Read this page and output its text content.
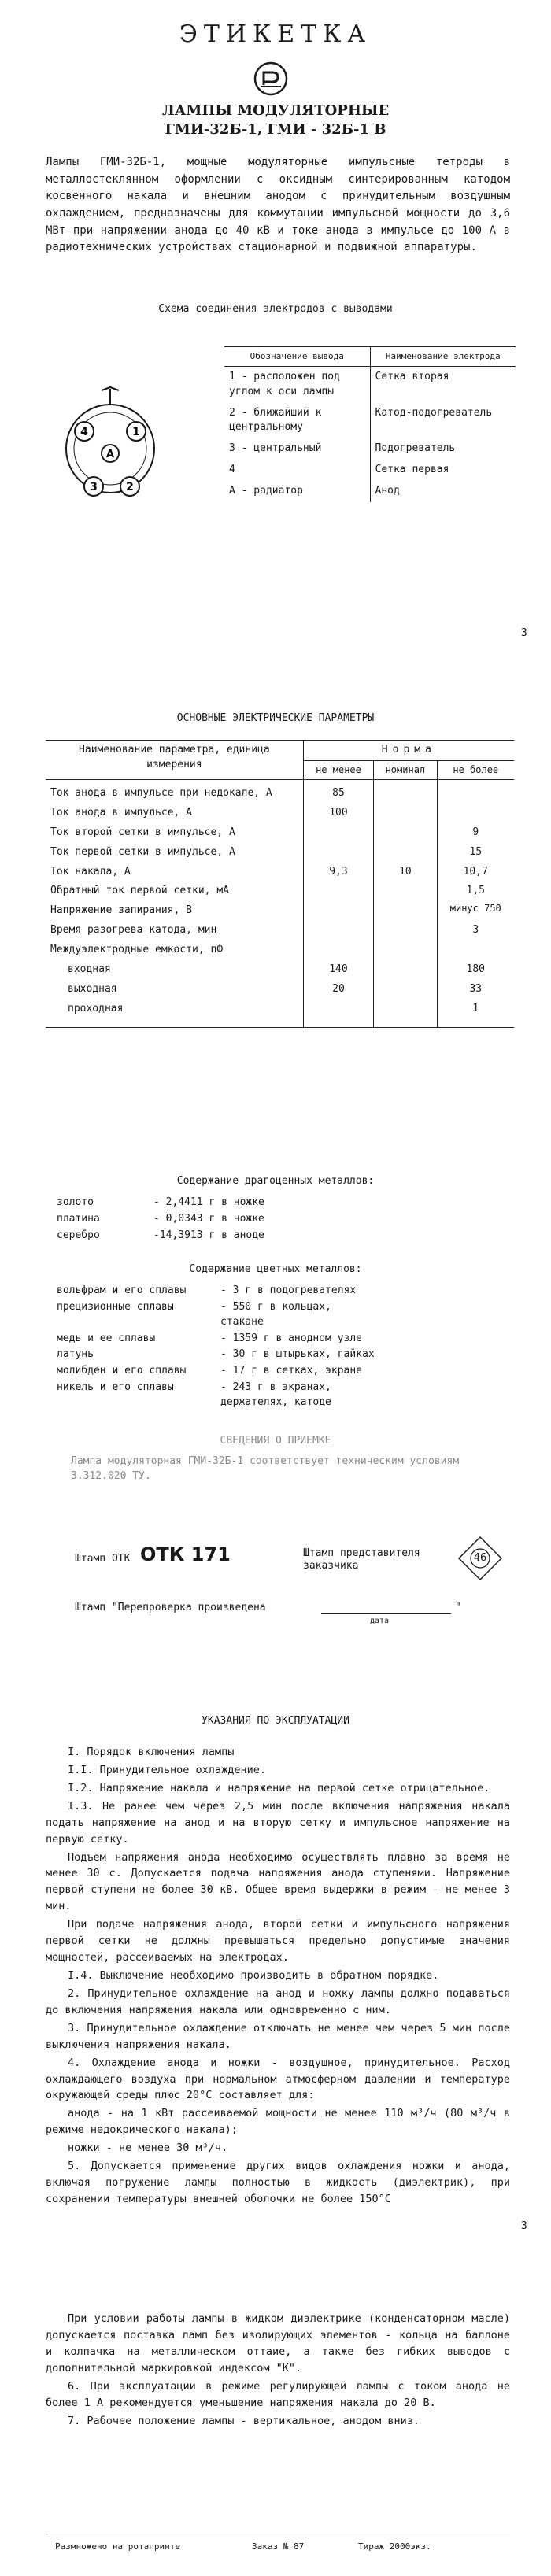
ЭТИКЕТКА
ЛАМПЫ МОДУЛЯТОРНЫЕ
ГМИ-32Б-1, ГМИ - 32Б-1 В
Лампы ГМИ-32Б-1, мощные модуляторные импульсные тетроды в металлостеклянном оформлении с оксидным синтерированным катодом косвенного накала и внешним анодом с принудительным воздушным охлаждением, предназначены для коммутации импульсной мощности до 3,6 МВт при напряжении анода до 40 кВ и токе анода в импульсе до 100 А в радиотехнических устройствах стационарной и подвижной аппаратуры.
Схема соединения электродов с выводами
4	1
A
3	2
Обозначение вывода	Наименование электрода
1 - расположен под углом к оси лампы	Сетка вторая
2 - ближайший к центральному	Катод-подогреватель
3 - центральный	Подогреватель
4	Сетка первая
А - радиатор	Анод
3
ОСНОВНЫЕ ЭЛЕКТРИЧЕСКИЕ ПАРАМЕТРЫ
Наименование параметра, единица измерения	Норма		
	не менее	номинал	не более
Ток анода в импульсе при недокале, А	85		
Ток анода в импульсе, А	100		
Ток второй сетки в импульсе, А			9
Ток первой сетки в импульсе, А			15
Ток накала, А	9,3	10	10,7
Обратный ток первой сетки, мА			1,5
Напряжение запирания, В			минус 750
Время разогрева катода, мин			3
Междуэлектродные емкости, пФ			
входная	140		180
выходная	20		33
проходная			1
Содержание драгоценных металлов:
золото	- 2,4411 г в ножке
платина	- 0,0343 г в ножке
серебро	-14,3913 г в аноде
Содержание цветных металлов:
вольфрам и его сплавы	- 3 г в подогревателях
прецизионные сплавы	- 550 г в кольцах, стакане
медь и ее сплавы	- 1359 г в анодном узле
латунь	- 30 г в штырьках, гайках
молибден и его сплавы	- 17 г в сетках, экране
никель и его сплавы	- 243 г в экранах, держателях, катоде
СВЕДЕНИЯ О ПРИЕМКЕ
Лампа модуляторная ГМИ-32Б-1 соответствует техническим условиям 3.312.020 ТУ.
Штамп ОТК ОТК 171	Штамп представителя заказчика
46
Штамп "Перепроверка произведена	"
дата
УКАЗАНИЯ ПО ЭКСПЛУАТАЦИИ

I. Порядок включения лампы

I.I. Принудительное охлаждение.

I.2. Напряжение накала и напряжение на первой сетке отрицательное.

I.3. Не ранее чем через 2,5 мин после включения напряжения накала подать напряжение на анод и на вторую сетку и импульсное напряжение на первую сетку.

Подъем напряжения анода необходимо осуществлять плавно за время не менее 30 с. Допускается подача напряжения анода ступенями. Напряжение первой ступени не более 30 кВ. Общее время выдержки в режим - не менее 3 мин.

При подаче напряжения анода, второй сетки и импульсного напряжения первой сетки не должны превышаться предельно допустимые значения мощностей, рассеиваемых на электродах.

I.4. Выключение необходимо производить в обратном порядке.

2. Принудительное охлаждение на анод и ножку лампы должно подаваться до включения напряжения накала или одновременно с ним.

3. Принудительное охлаждение отключать не менее чем через 5 мин после выключения напряжения накала.

4. Охлаждение анода и ножки - воздушное, принудительное. Расход охлаждающего воздуха при нормальном атмосферном давлении и температуре окружающей среды плюс 20°С составляет для:

анода - на 1 кВт рассеиваемой мощности не менее 110 м³/ч (80 м³/ч в режиме недокрического накала);

ножки - не менее 30 м³/ч.

5. Допускается применение других видов охлаждения ножки и анода, включая погружение лампы полностью в жидкость (диэлектрик), при сохранении температуры внешней оболочки не более 150°С

3

При условии работы лампы в жидком диэлектрике (конденсаторном масле) допускается поставка ламп без изолирующих элементов - кольца на баллоне и колпачка на металлическом оттаие, а также без гибких выводов с дополнительной маркировкой индексом "К".

6. При эксплуатации в режиме регулирующей лампы с током анода не более 1 А рекомендуется уменьшение напряжения накала до 20 В.

7. Рабочее положение лампы - вертикальное, анодом вниз.

Размножено на ротапринте	Заказ № 87	Тираж 2000экз.
